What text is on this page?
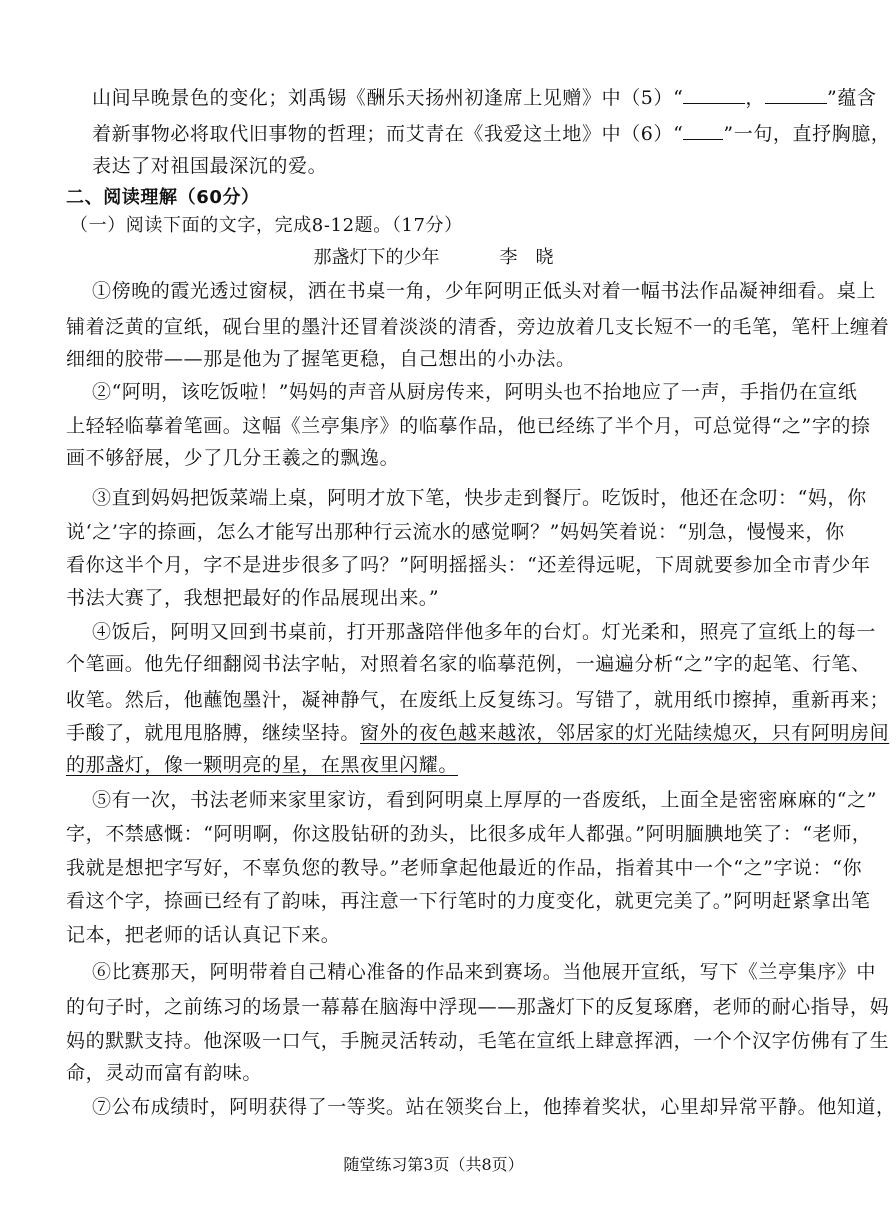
山间早晚景色的变化；刘禹锡《酬乐天扬州初逢席上见赠》中（5）“	，	”蕴含
着新事物必将取代旧事物的哲理；而艾青在《我爱这土地》中（6）“ ”一句，直抒胸臆，
表达了对祖国最深沉的爱。
二、阅读理解（60分）
（一）阅读下面的文字，完成8-12题。（17分）
那盏灯下的少年	李　晓
①傍晚的霞光透过窗棂，洒在书桌一角，少年阿明正低头对着一幅书法作品凝神细看。桌上
铺着泛黄的宣纸，砚台里的墨汁还冒着淡淡的清香，旁边放着几支长短不一的毛笔，笔杆上缠着
细细的胶带——那是他为了握笔更稳，自己想出的小办法。
②“阿明，该吃饭啦！”妈妈的声音从厨房传来，阿明头也不抬地应了一声，手指仍在宣纸
上轻轻临摹着笔画。这幅《兰亭集序》的临摹作品，他已经练了半个月，可总觉得“之”字的捺
画不够舒展，少了几分王羲之的飘逸。
③直到妈妈把饭菜端上桌，阿明才放下笔，快步走到餐厅。吃饭时，他还在念叨：“妈，你
说‘之’字的捺画，怎么才能写出那种行云流水的感觉啊？”妈妈笑着说：“别急，慢慢来，你
看你这半个月，字不是进步很多了吗？”阿明摇摇头：“还差得远呢，下周就要参加全市青少年
书法大赛了，我想把最好的作品展现出来。”
④饭后，阿明又回到书桌前，打开那盏陪伴他多年的台灯。灯光柔和，照亮了宣纸上的每一
个笔画。他先仔细翻阅书法字帖，对照着名家的临摹范例，一遍遍分析“之”字的起笔、行笔、
收笔。然后，他蘸饱墨汁，凝神静气，在废纸上反复练习。写错了，就用纸巾擦掉，重新再来；
手酸了，就甩甩胳膊，继续坚持。窗外的夜色越来越浓，邻居家的灯光陆续熄灭，只有阿明房间
的那盏灯，像一颗明亮的星，在黑夜里闪耀。
⑤有一次，书法老师来家里家访，看到阿明桌上厚厚的一沓废纸，上面全是密密麻麻的“之”
字，不禁感慨：“阿明啊，你这股钻研的劲头，比很多成年人都强。”阿明腼腆地笑了：“老师，
我就是想把字写好，不辜负您的教导。”老师拿起他最近的作品，指着其中一个“之”字说：“你
看这个字，捺画已经有了韵味，再注意一下行笔时的力度变化，就更完美了。”阿明赶紧拿出笔
记本，把老师的话认真记下来。
⑥比赛那天，阿明带着自己精心准备的作品来到赛场。当他展开宣纸，写下《兰亭集序》中
的句子时，之前练习的场景一幕幕在脑海中浮现——那盏灯下的反复琢磨，老师的耐心指导，妈
妈的默默支持。他深吸一口气，手腕灵活转动，毛笔在宣纸上肆意挥洒，一个个汉字仿佛有了生
命，灵动而富有韵味。
⑦公布成绩时，阿明获得了一等奖。站在领奖台上，他捧着奖状，心里却异常平静。他知道，
随堂练习第3页（共8页）
